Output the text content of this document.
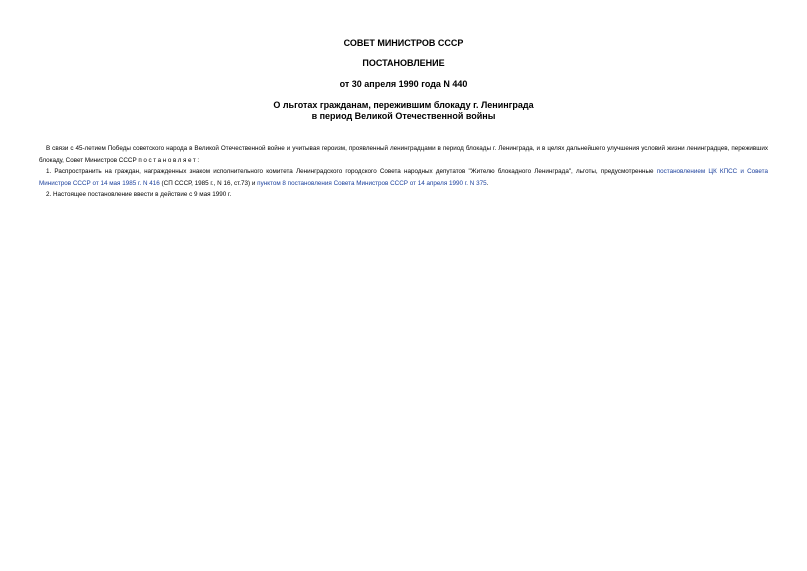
СОВЕТ МИНИСТРОВ СССР

ПОСТАНОВЛЕНИЕ

от 30 апреля 1990 года N 440

О льготах гражданам, пережившим блокаду г. Ленинграда
в период Великой Отечественной войны

В связи с 45-летием Победы советского народа в Великой Отечественной войне и учитывая героизм, проявленный ленинградцами в период блокады г. Ленинграда, и в целях дальнейшего улучшения условий жизни ленинградцев, переживших блокаду, Совет Министров СССР постановляет:

1. Распространить на граждан, награжденных знаком исполнительного комитета Ленинградского городского Совета народных депутатов "Жителю блокадного Ленинграда", льготы, предусмотренные постановлением ЦК КПСС и Совета Министров СССР от 14 мая 1985 г. N 416 (СП СССР, 1985 г., N 16, ст.73) и пунктом 8 постановления Совета Министров СССР от 14 апреля 1990 г. N 375.

2. Настоящее постановление ввести в действие с 9 мая 1990 г.
